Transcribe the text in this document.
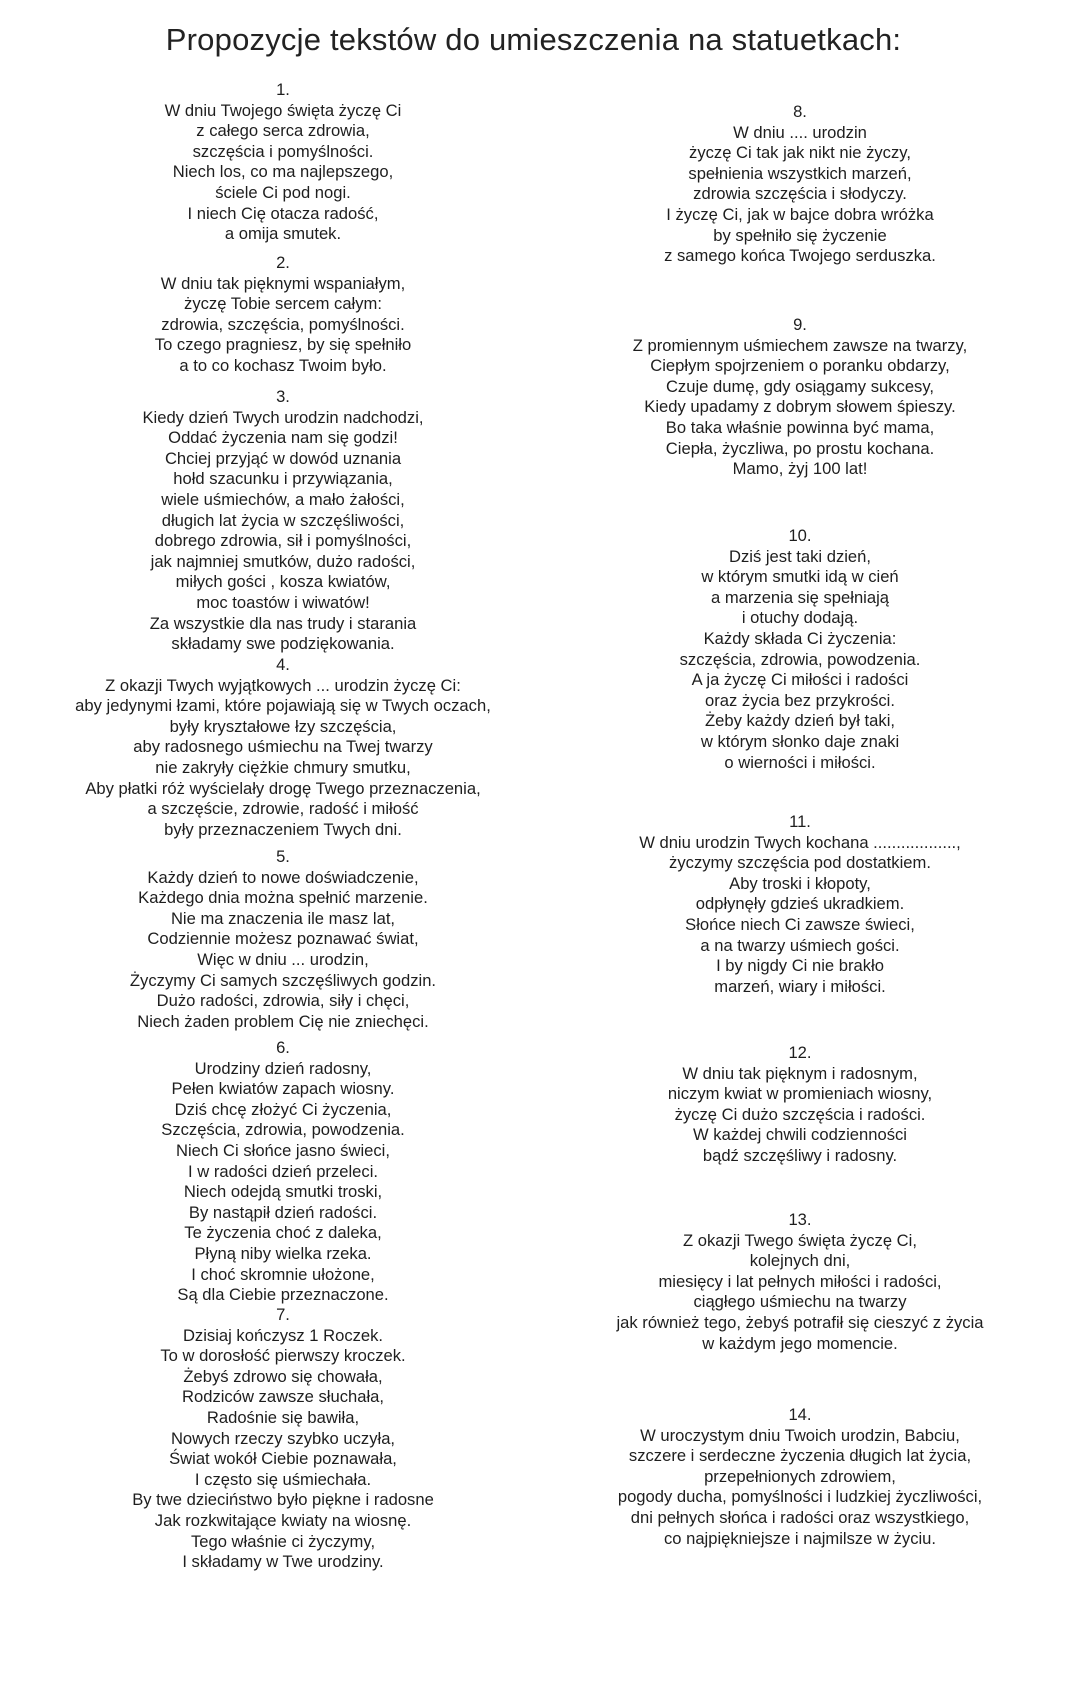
Propozycje tekstów do umieszczenia na statuetkach:
1.
W dniu Twojego święta życzę Ci
z całego serca zdrowia,
szczęścia i pomyślności.
Niech los, co ma najlepszego,
ściele Ci pod nogi.
I niech Cię otacza radość,
a omija smutek.
2.
W dniu tak pięknymi wspaniałym,
życzę Tobie sercem całym:
zdrowia, szczęścia, pomyślności.
To czego pragniesz, by się spełniło
a to co kochasz Twoim było.
3.
Kiedy dzień Twych urodzin nadchodzi,
Oddać życzenia nam się godzi!
Chciej przyjąć w dowód uznania
hołd szacunku i przywiązania,
wiele uśmiechów, a mało żałości,
długich lat życia w szczęśliwości,
dobrego zdrowia, sił i pomyślności,
jak najmniej smutków, dużo radości,
miłych gości , kosza kwiatów,
moc toastów i wiwatów!
Za wszystkie dla nas trudy i starania
składamy swe podziękowania.
4.
Z okazji Twych wyjątkowych ... urodzin życzę Ci:
aby jedynymi łzami, które pojawiają się w Twych oczach,
były kryształowe łzy szczęścia,
aby radosnego uśmiechu na Twej twarzy
nie zakryły ciężkie chmury smutku,
Aby płatki róż wyścielały drogę Twego przeznaczenia,
a szczęście, zdrowie, radość i miłość
były przeznaczeniem Twych dni.
5.
Każdy dzień to nowe doświadczenie,
Każdego dnia można spełnić marzenie.
Nie ma znaczenia ile masz lat,
Codziennie możesz poznawać świat,
Więc w dniu ... urodzin,
Życzymy Ci samych szczęśliwych godzin.
Dużo radości, zdrowia, siły i chęci,
Niech żaden problem Cię nie zniechęci.
6.
Urodziny dzień radosny,
Pełen kwiatów zapach wiosny.
Dziś chcę złożyć Ci życzenia,
Szczęścia, zdrowia, powodzenia.
Niech Ci słońce jasno świeci,
I w radości dzień przeleci.
Niech odejdą smutki troski,
By nastąpił dzień radości.
Te życzenia choć z daleka,
Płyną niby wielka rzeka.
I choć skromnie ułożone,
Są dla Ciebie przeznaczone.
7.
Dzisiaj kończysz 1 Roczek.
To w dorosłość pierwszy kroczek.
Żebyś zdrowo się chowała,
Rodziców zawsze słuchała,
Radośnie się bawiła,
Nowych rzeczy szybko uczyła,
Świat wokół Ciebie poznawała,
I często się uśmiechała.
By twe dzieciństwo było piękne i radosne
Jak rozkwitające kwiaty na wiosnę.
Tego właśnie ci życzymy,
I składamy w Twe urodziny.
8.
W dniu .... urodzin
życzę Ci tak jak nikt nie życzy,
spełnienia wszystkich marzeń,
zdrowia szczęścia i słodyczy.
I życzę Ci, jak w bajce dobra wróżka
by spełniło się życzenie
z samego końca Twojego serduszka.
9.
Z promiennym uśmiechem zawsze na twarzy,
Ciepłym spojrzeniem o poranku obdarzy,
Czuje dumę, gdy osiągamy sukcesy,
Kiedy upadamy z dobrym słowem śpieszy.
Bo taka właśnie powinna być mama,
Ciepła, życzliwa, po prostu kochana.
Mamo, żyj 100 lat!
10.
Dziś jest taki dzień,
w którym smutki idą w cień
a marzenia się spełniają
i otuchy dodają.
Każdy składa Ci życzenia:
szczęścia, zdrowia, powodzenia.
A ja życzę Ci miłości i radości
oraz życia bez przykrości.
Żeby każdy dzień był taki,
w którym słonko daje znaki
o wierności i miłości.
11.
W dniu urodzin Twych kochana ..................,
życzymy szczęścia pod dostatkiem.
Aby troski i kłopoty,
odpłynęły gdzieś ukradkiem.
Słońce niech Ci zawsze świeci,
a na twarzy uśmiech gości.
I by nigdy Ci nie brakło
marzeń, wiary i miłości.
12.
W dniu tak pięknym i radosnym,
niczym kwiat w promieniach wiosny,
życzę Ci dużo szczęścia i radości.
W każdej chwili codzienności
bądź szczęśliwy i radosny.
13.
Z okazji Twego święta życzę Ci,
kolejnych dni,
miesięcy i lat pełnych miłości i radości,
ciągłego uśmiechu na twarzy
jak również tego, żebyś potrafił się cieszyć z życia
w każdym jego momencie.
14.
W uroczystym dniu Twoich urodzin, Babciu,
szczere i serdeczne życzenia długich lat życia,
przepełnionych zdrowiem,
pogody ducha, pomyślności i ludzkiej życzliwości,
dni pełnych słońca i radości oraz wszystkiego,
co najpiękniejsze i najmilsze w życiu.
